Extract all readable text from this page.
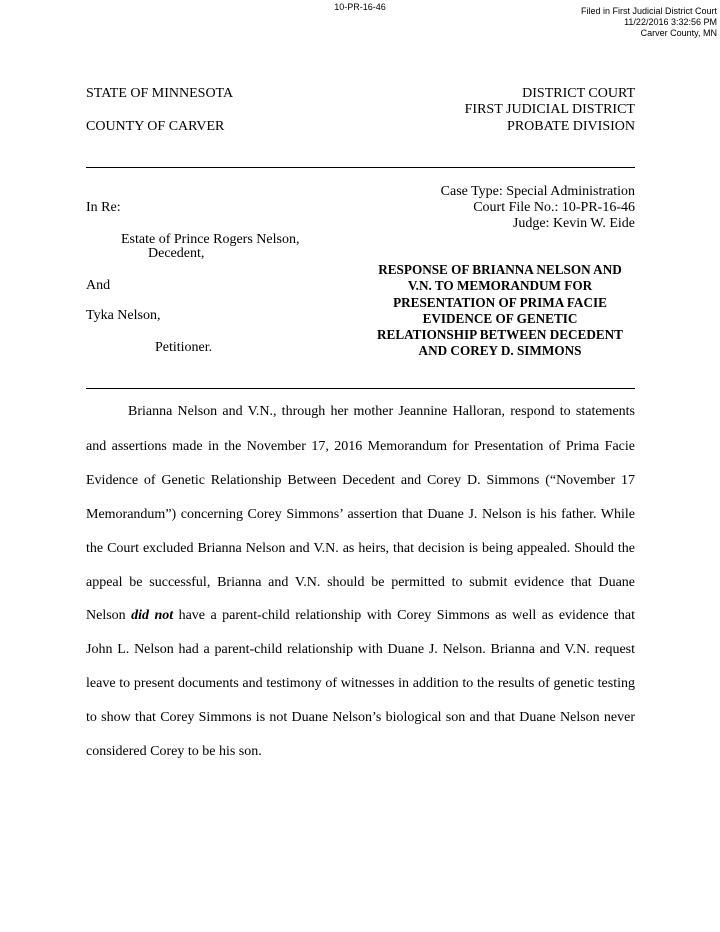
10-PR-16-46	Filed in First Judicial District Court
11/22/2016 3:32:56 PM
Carver County, MN
STATE OF MINNESOTA
COUNTY OF CARVER
DISTRICT COURT
FIRST JUDICIAL DISTRICT
PROBATE DIVISION
Case Type: Special Administration
Court File No.: 10-PR-16-46
Judge: Kevin W. Eide
In Re:
Estate of Prince Rogers Nelson,
Decedent,
And
Tyka Nelson,
Petitioner.
RESPONSE OF BRIANNA NELSON AND
V.N. TO MEMORANDUM FOR
PRESENTATION OF PRIMA FACIE
EVIDENCE OF GENETIC
RELATIONSHIP BETWEEN DECEDENT
AND COREY D. SIMMONS
Brianna Nelson and V.N., through her mother Jeannine Halloran, respond to statements
and assertions made in the November 17, 2016 Memorandum for Presentation of Prima Facie
Evidence of Genetic Relationship Between Decedent and Corey D. Simmons (“November 17
Memorandum”) concerning Corey Simmons’ assertion that Duane J. Nelson is his father. While
the Court excluded Brianna Nelson and V.N. as heirs, that decision is being appealed. Should the
appeal be successful, Brianna and V.N. should be permitted to submit evidence that Duane
Nelson did not have a parent-child relationship with Corey Simmons as well as evidence that
John L. Nelson had a parent-child relationship with Duane J. Nelson. Brianna and V.N. request
leave to present documents and testimony of witnesses in addition to the results of genetic testing
to show that Corey Simmons is not Duane Nelson’s biological son and that Duane Nelson never
considered Corey to be his son.
